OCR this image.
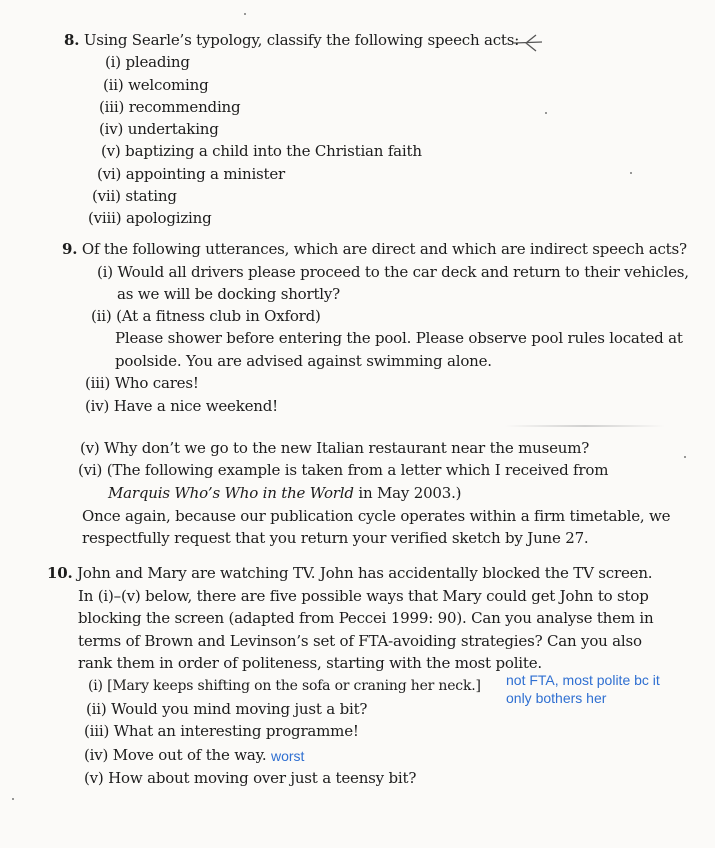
8. Using Searle’s typology, classify the following speech acts:
(i) pleading
(ii) welcoming
(iii) recommending
(iv) undertaking
(v) baptizing a child into the Christian faith
(vi) appointing a minister
(vii) stating
(viii) apologizing
9. Of the following utterances, which are direct and which are indirect speech acts?
(i) Would all drivers please proceed to the car deck and return to their vehicles,
as we will be docking shortly?
(ii) (At a fitness club in Oxford)
Please shower before entering the pool. Please observe pool rules located at
poolside. You are advised against swimming alone.
(iii) Who cares!
(iv) Have a nice weekend!
(v) Why don’t we go to the new Italian restaurant near the museum?
(vi) (The following example is taken from a letter which I received from
Marquis Who’s Who in the World in May 2003.)
Once again, because our publication cycle operates within a firm timetable, we
respectfully request that you return your verified sketch by June 27.
10. John and Mary are watching TV. John has accidentally blocked the TV screen.
In (i)–(v) below, there are five possible ways that Mary could get John to stop
blocking the screen (adapted from Peccei 1999: 90). Can you analyse them in
terms of Brown and Levinson’s set of FTA-avoiding strategies? Can you also
rank them in order of politeness, starting with the most polite.
(i) [Mary keeps shifting on the sofa or craning her neck.]
(ii) Would you mind moving just a bit?
(iii) What an interesting programme!
(iv) Move out of the way.
(v) How about moving over just a teensy bit?
not FTA, most polite bc it
only bothers her
worst
